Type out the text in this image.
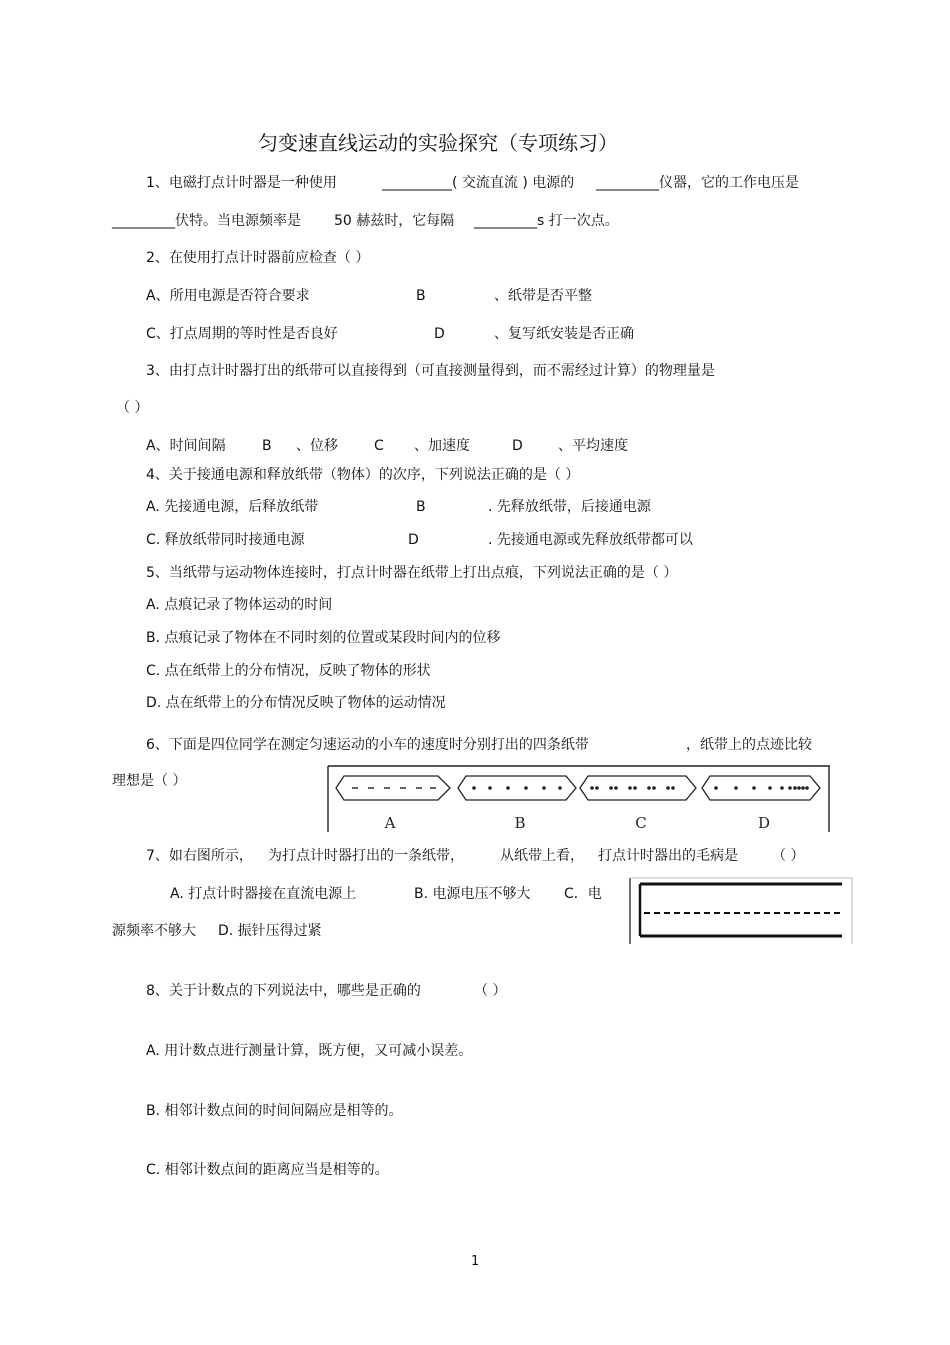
匀变速直线运动的实验探究（专项练习）
1、电磁打点计时器是一种使用	__________( 交流直流 ) 电源的 _________仪器，它的工作电压是
_________伏特。当电源频率是 50 赫兹时，它每隔 _________s 打一次点。
2、在使用打点计时器前应检查（ ）
A、所用电源是否符合要求	B	、纸带是否平整
C、打点周期的等时性是否良好	D	、复写纸安装是否正确
3、由打点计时器打出的纸带可以直接得到（可直接测量得到，而不需经过计算）的物理量是
（ ）
A、时间间隔	B 、位移	C 、加速度	D	、平均速度
4、关于接通电源和释放纸带（物体）的次序，下列说法正确的是（ ）
A. 先接通电源，后释放纸带	B	. 先释放纸带，后接通电源
C. 释放纸带同时接通电源	D	. 先接通电源或先释放纸带都可以
5、当纸带与运动物体连接时，打点计时器在纸带上打出点痕，下列说法正确的是（ ）
A. 点痕记录了物体运动的时间
B. 点痕记录了物体在不同时刻的位置或某段时间内的位移
C. 点在纸带上的分布情况，反映了物体的形状
D. 点在纸带上的分布情况反映了物体的运动情况
6、下面是四位同学在测定匀速运动的小车的速度时分别打出的四条纸带	，纸带上的点迹比较
理想是（ ）
A	B	C	D
7、如右图所示， 为打点计时器打出的一条纸带，	从纸带上看， 打点计时器出的毛病是 （ ）
A. 打点计时器接在直流电源上	B. 电源电压不够大 C．电
源频率不够大 D. 振针压得过紧
8、关于计数点的下列说法中，哪些是正确的	（ ）
A. 用计数点进行测量计算，既方便，又可减小误差。
B. 相邻计数点间的时间间隔应是相等的。
C. 相邻计数点间的距离应当是相等的。
1
